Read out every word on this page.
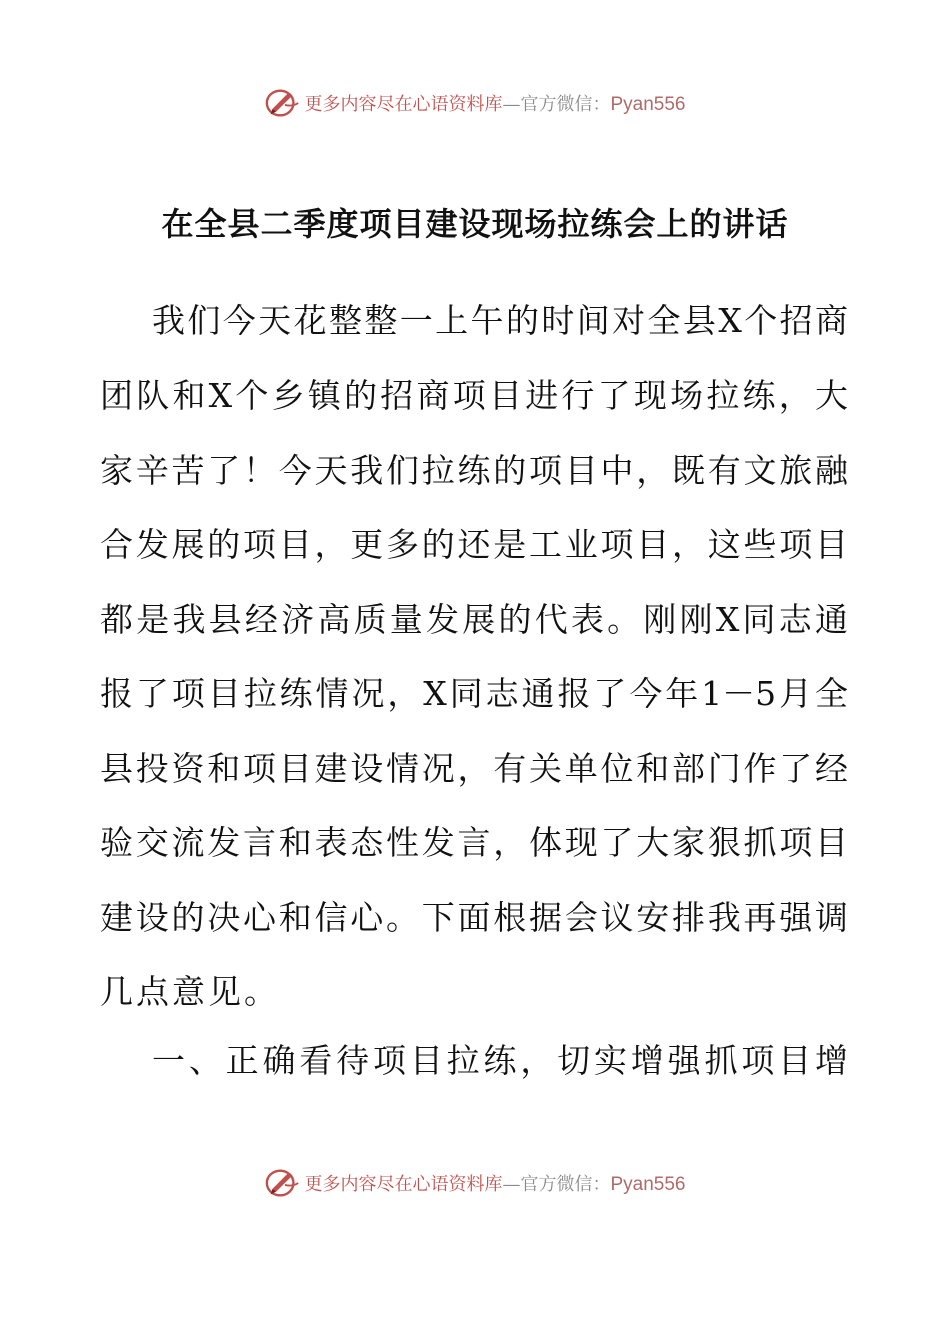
更多内容尽在心语资料库—官方微信：Pyan556
在全县二季度项目建设现场拉练会上的讲话
我们今天花整整一上午的时间对全县X个招商
团队和X个乡镇的招商项目进行了现场拉练，大
家辛苦了！今天我们拉练的项目中，既有文旅融
合发展的项目，更多的还是工业项目，这些项目
都是我县经济高质量发展的代表。刚刚X同志通
报了项目拉练情况，X同志通报了今年1－5月全
县投资和项目建设情况，有关单位和部门作了经
验交流发言和表态性发言，体现了大家狠抓项目
建设的决心和信心。下面根据会议安排我再强调
几点意见。
一、正确看待项目拉练，切实增强抓项目增
更多内容尽在心语资料库—官方微信：Pyan556
